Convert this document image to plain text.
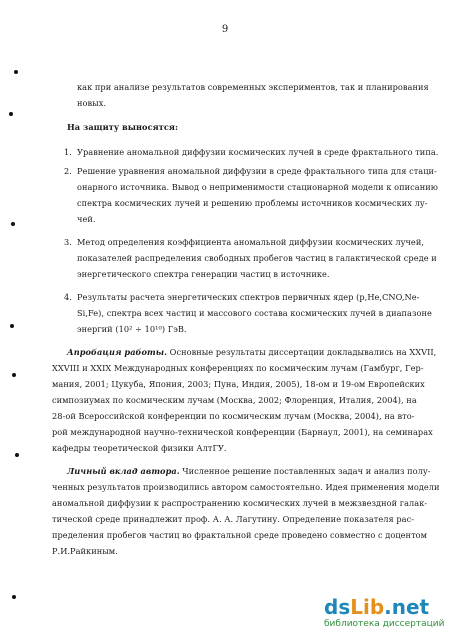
9
как при анализе результатов современных экспериментов, так и планирования
новых.
На защиту выносятся:
1. Уравнение аномальной диффузии космических лучей в среде фрактального типа.
2. Решение уравнения аномальной диффузии в среде фрактального типа для стаци-
онарного источника. Вывод о неприменимости стационарной модели к описанию
спектра космических лучей и решению проблемы источников космических лу-
чей.
3. Метод определения коэффициента аномальной диффузии космических лучей,
показателей распределения свободных пробегов частиц в галактической среде и
энергетического спектра генерации частиц в источнике.
4. Результаты расчета энергетических спектров первичных ядер (p,He,CNO,Ne-
Si,Fe), спектра всех частиц и массового состава космических лучей в диапазоне
энергий (10² ÷ 10¹⁰) ГэВ.
Апробация работы. Основные результаты диссертации докладывались на XXVII,
XXVIII и XXIX Международных конференциях по космическим лучам (Гамбург, Гер-
мания, 2001; Цукуба, Япония, 2003; Пуна, Индия, 2005), 18-ом и 19-ом Европейских
симпозиумах по космическим лучам (Москва, 2002; Флоренция, Италия, 2004), на
28-ой Всероссийской конференции по космическим лучам (Москва, 2004), на вто-
рой международной научно-технической конференции (Барнаул, 2001), на семинарах
кафедры теоретической физики АлтГУ.
Личный вклад автора. Численное решение поставленных задач и анализ полу-
ченных результатов производились автором самостоятельно. Идея применения модели
аномальной диффузии к распространению космических лучей в межзвездной галак-
тической среде принадлежит проф. А. А. Лагутину. Определение показателя рас-
пределения пробегов частиц во фрактальной среде проведено совместно с доцентом
Р.И.Райкиным.
dsLib.net
библиотека диссертаций
